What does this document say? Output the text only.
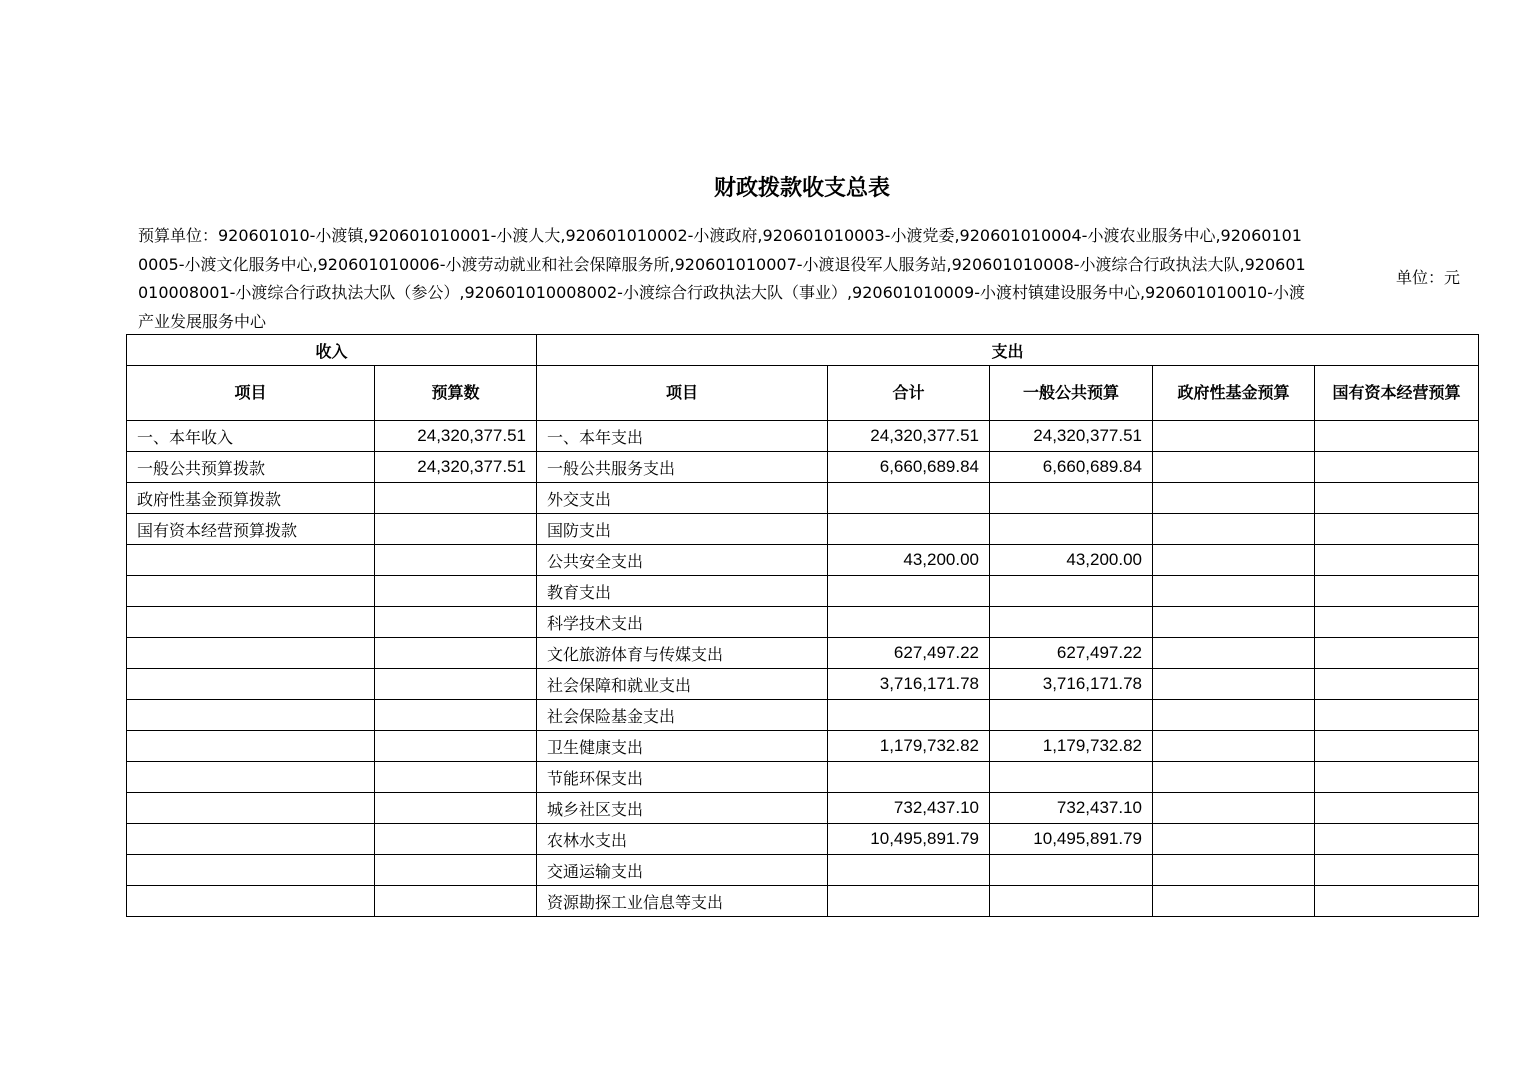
财政拨款收支总表
预算单位：920601010-小渡镇,920601010001-小渡人大,920601010002-小渡政府,920601010003-小渡党委,920601010004-小渡农业服务中心,920601010005-小渡文化服务中心,920601010006-小渡劳动就业和社会保障服务所,920601010007-小渡退役军人服务站,920601010008-小渡综合行政执法大队,920601010008001-小渡综合行政执法大队（参公）,920601010008002-小渡综合行政执法大队（事业）,920601010009-小渡村镇建设服务中心,920601010010-小渡产业发展服务中心
单位：元
收入		支出				
项目	预算数	项目	合计	一般公共预算	政府性基金预算	国有资本经营预算
一、本年收入	24,320,377.51	一、本年支出	24,320,377.51	24,320,377.51		
一般公共预算拨款	24,320,377.51	一般公共服务支出	6,660,689.84	6,660,689.84		
政府性基金预算拨款		外交支出				
国有资本经营预算拨款		国防支出				
		公共安全支出	43,200.00	43,200.00		
		教育支出				
		科学技术支出				
		文化旅游体育与传媒支出	627,497.22	627,497.22		
		社会保障和就业支出	3,716,171.78	3,716,171.78		
		社会保险基金支出				
		卫生健康支出	1,179,732.82	1,179,732.82		
		节能环保支出				
		城乡社区支出	732,437.10	732,437.10		
		农林水支出	10,495,891.79	10,495,891.79		
		交通运输支出				
		资源勘探工业信息等支出				
